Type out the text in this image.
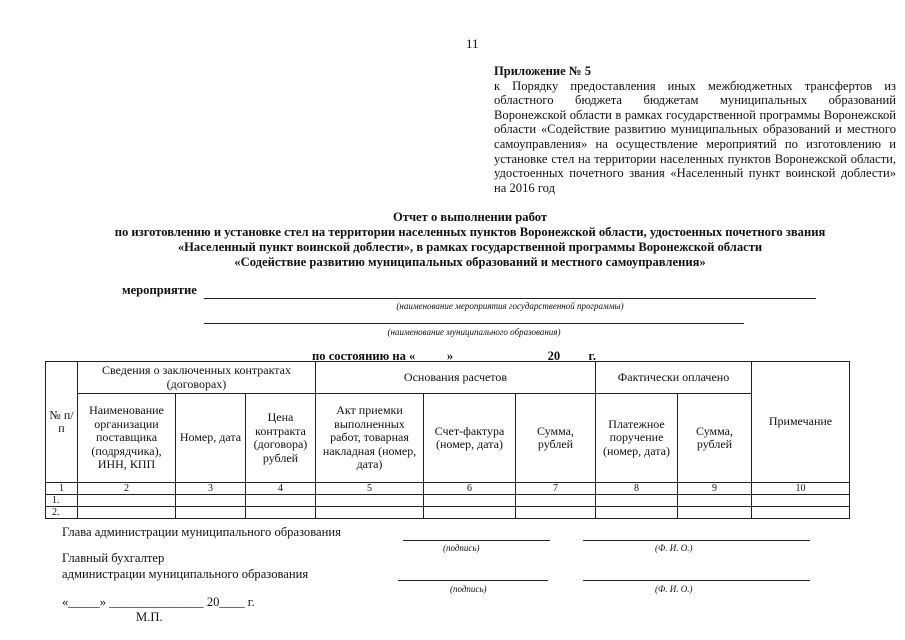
11
Приложение № 5
к Порядку предоставления иных межбюджетных трансфертов из областного бюджета бюджетам муниципальных образований Воронежской области в рамках государственной программы Воронежской области «Содействие развитию муниципальных образований и местного самоуправления» на осуществление мероприятий по изготовлению и установке стел на территории населенных пунктов Воронежской области, удостоенных почетного звания «Населенный пункт воинской доблести» на 2016 год
Отчет о выполнении работ
по изготовлению и установке стел на территории населенных пунктов Воронежской области, удостоенных почетного звания
«Населенный пункт воинской доблести», в рамках государственной программы Воронежской области
«Содействие развитию муниципальных образований и местного самоуправления»
мероприятие
(наименование мероприятия государственной программы)
(наименование муниципального образования)
по состоянию на «_____» ______________ 20____ г.
№ п/п	Сведения о заключенных контрактах (договорах)			Основания расчетов			Фактически оплачено		Примечание
	Наименование организации поставщика (подрядчика), ИНН, КПП	Номер, дата	Цена контракта (договора) рублей	Акт приемки выполненных работ, товарная накладная (номер, дата)	Счет-фактура (номер, дата)	Сумма, рублей	Платежное поручение (номер, дата)	Сумма, рублей	
1	2	3	4	5	6	7	8	9	10
1.									
2.									
Глава администрации муниципального образования
(подпись)	(Ф. И. О.)
Главный бухгалтер
администрации муниципального образования
(подпись)	(Ф. И. О.)
«_____» _______________ 20____ г.
М.П.
